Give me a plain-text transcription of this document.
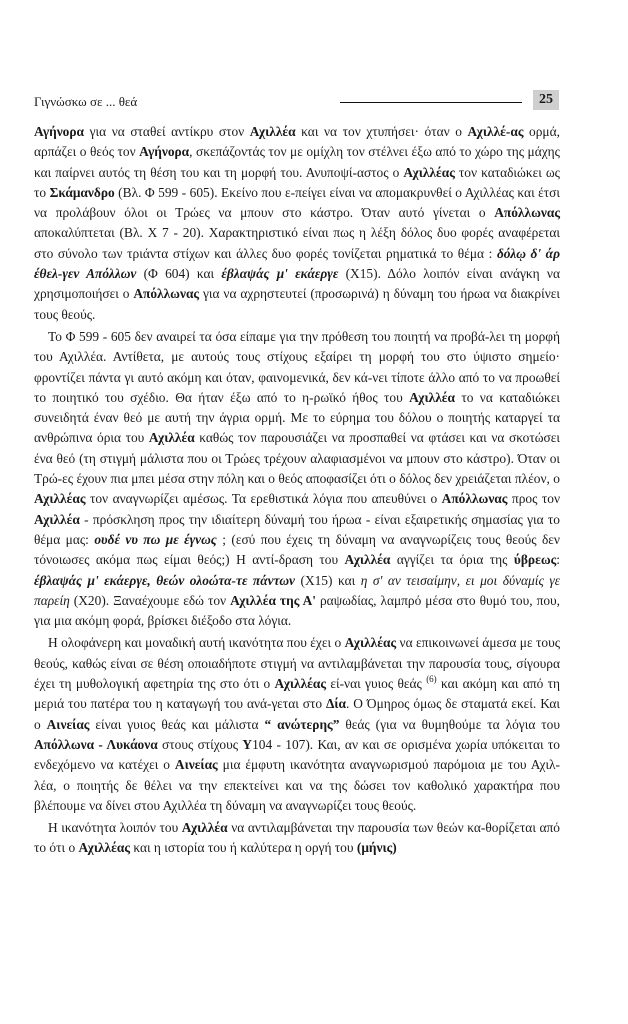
Γιγνώσκω σε ... θεά	25

Αγήνορα για να σταθεί αντίκρυ στον Αχιλλέα και να τον χτυπήσει· όταν ο Αχιλλέ-ας ορμά, αρπάζει ο θεός τον Αγήνορα, σκεπάζοντάς τον με ομίχλη τον στέλνει έξω από το χώρο της μάχης και παίρνει αυτός τη θέση του και τη μορφή του. Ανυποψί-αστος ο Αχιλλέας τον καταδιώκει ως το Σκάμανδρο (Βλ. Φ 599 - 605). Εκείνο που ε-πείγει είναι να απομακρυνθεί ο Αχιλλέας και έτσι να προλάβουν όλοι οι Τρώες να μπουν στο κάστρο. Όταν αυτό γίνεται ο Απόλλωνας αποκαλύπτεται (Βλ. Χ 7 - 20). Χαρακτηριστικό είναι πως η λέξη δόλος δυο φορές αναφέρεται στο σύνολο των τριάντα στίχων και άλλες δυο φορές τονίζεται ρηματικά το θέμα : δόλῳ δ' άρ έθελ-γεν Απόλλων (Φ 604) και έβλαψάς μ' εκάεργε (Χ15). Δόλο λοιπόν είναι ανάγκη να χρησιμοποιήσει ο Απόλλωνας για να αχρηστευτεί (προσωρινά) η δύναμη του ήρωα να διακρίνει τους θεούς.

Το Φ 599 - 605 δεν αναιρεί τα όσα είπαμε για την πρόθεση του ποιητή να προβά-λει τη μορφή του Αχιλλέα. Αντίθετα, με αυτούς τους στίχους εξαίρει τη μορφή του στο ύψιστο σημείο· φροντίζει πάντα γι αυτό ακόμη και όταν, φαινομενικά, δεν κά-νει τίποτε άλλο από το να προωθεί το ποιητικό του σχέδιο. Θα ήταν έξω από το η-ρωϊκό ήθος του Αχιλλέα το να καταδιώκει συνειδητά έναν θεό με αυτή την άγρια ορμή. Με το εύρημα του δόλου ο ποιητής καταργεί τα ανθρώπινα όρια του Αχιλλέα καθώς τον παρουσιάζει να προσπαθεί να φτάσει και να σκοτώσει ένα θεό (τη στιγμή μάλιστα που οι Τρώες τρέχουν αλαφιασμένοι να μπουν στο κάστρο). Όταν οι Τρώ-ες έχουν πια μπει μέσα στην πόλη και ο θεός αποφασίζει ότι ο δόλος δεν χρειάζεται πλέον, ο Αχιλλέας τον αναγνωρίζει αμέσως. Τα ερεθιστικά λόγια που απευθύνει ο Απόλλωνας προς τον Αχιλλέα - πρόσκληση προς την ιδιαίτερη δύναμή του ήρωα - είναι εξαιρετικής σημασίας για το θέμα μας: ουδέ νυ πω με έγνως ; (εσύ που έχεις τη δύναμη να αναγνωρίζεις τους θεούς δεν τόνοιωσες ακόμα πως είμαι θεός;) Η αντί-δραση του Αχιλλέα αγγίζει τα όρια της ύβρεως: έβλαψάς μ' εκάεργε, θεών ολοώτα-τε πάντων (Χ15) και η σ' αν τεισαίμην, ει μοι δύναμίς γε παρείη (Χ20). Ξαναέχουμε εδώ τον Αχιλλέα της Α' ραψωδίας, λαμπρό μέσα στο θυμό του, που, για μια ακόμη φορά, βρίσκει διέξοδο στα λόγια.

Η ολοφάνερη και μοναδική αυτή ικανότητα που έχει ο Αχιλλέας να επικοινωνεί άμεσα με τους θεούς, καθώς είναι σε θέση οποιαδήποτε στιγμή να αντιλαμβάνεται την παρουσία τους, σίγουρα έχει τη μυθολογική αφετηρία της στο ότι ο Αχιλλέας εί-ναι γυιος θεάς $^{(6)}$ και ακόμη και από τη μεριά του πατέρα του η καταγωγή του ανά-γεται στο Δία. Ο Όμηρος όμως δε σταματά εκεί. Και ο Αινείας είναι γυιος θεάς και μάλιστα “ ανώτερης” θεάς (για να θυμηθούμε τα λόγια του Απόλλωνα - Λυκάονα στους στίχους Υ104 - 107). Και, αν και σε ορισμένα χωρία υπόκειται το ενδεχόμενο να κατέχει ο Αινείας μια έμφυτη ικανότητα αναγνωρισμού παρόμοια με του Αχιλ-λέα, ο ποιητής δε θέλει να την επεκτείνει και να της δώσει τον καθολικό χαρακτήρα που βλέπουμε να δίνει στου Αχιλλέα τη δύναμη να αναγνωρίζει τους θεούς.

Η ικανότητα λοιπόν του Αχιλλέα να αντιλαμβάνεται την παρουσία των θεών κα-θορίζεται από το ότι ο Αχιλλέας και η ιστορία του ή καλύτερα η οργή του (μήνις)
